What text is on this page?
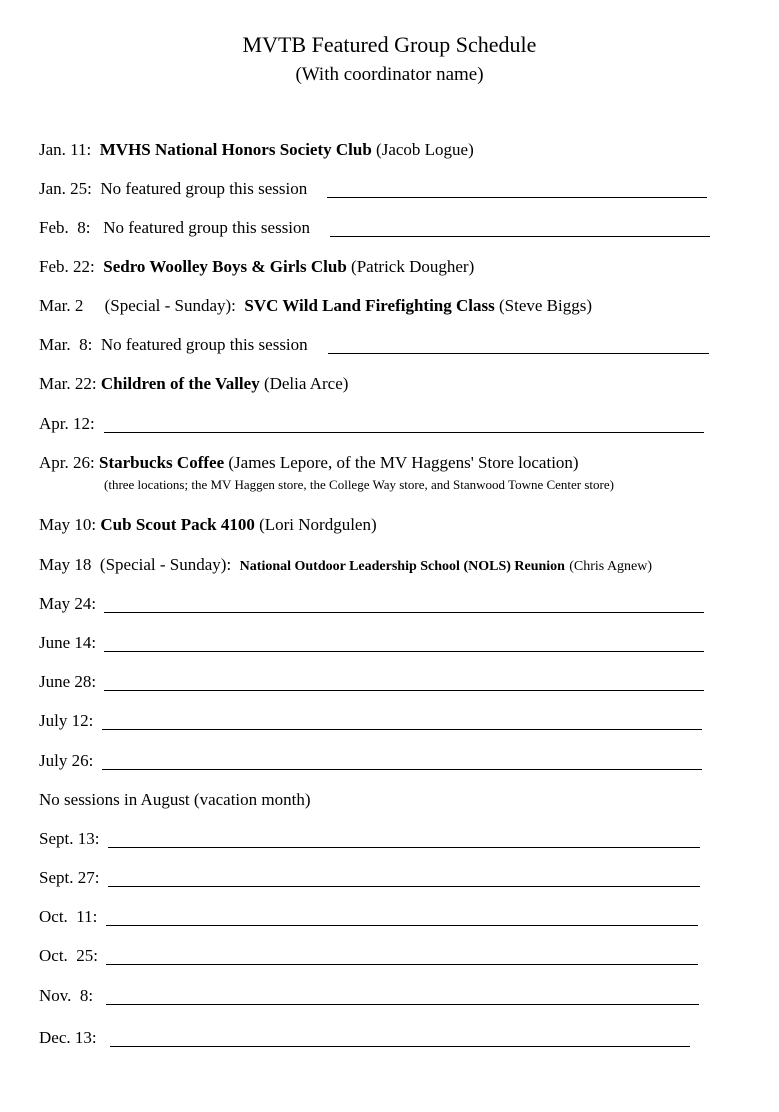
MVTB Featured Group Schedule
(With coordinator name)
Jan. 11: MVHS National Honors Society Club (Jacob Logue)
Jan. 25: No featured group this session
Feb.  8: No featured group this session
Feb. 22: Sedro Woolley Boys & Girls Club (Patrick Dougher)
Mar. 2 (Special - Sunday): SVC Wild Land Firefighting Class (Steve Biggs)
Mar.  8: No featured group this session
Mar. 22: Children of the Valley (Delia Arce)
Apr. 12:
Apr. 26: Starbucks Coffee (James Lepore, of the MV Haggens' Store location)
(three locations; the MV Haggen store, the College Way store, and Stanwood Towne Center store)
May 10: Cub Scout Pack 4100 (Lori Nordgulen)
May 18 (Special - Sunday): National Outdoor Leadership School (NOLS) Reunion (Chris Agnew)
May 24:
June 14:
June 28:
July 12:
July 26:
No sessions in August (vacation month)
Sept. 13:
Sept. 27:
Oct.  11:
Oct.  25:
Nov.  8:
Dec. 13:
